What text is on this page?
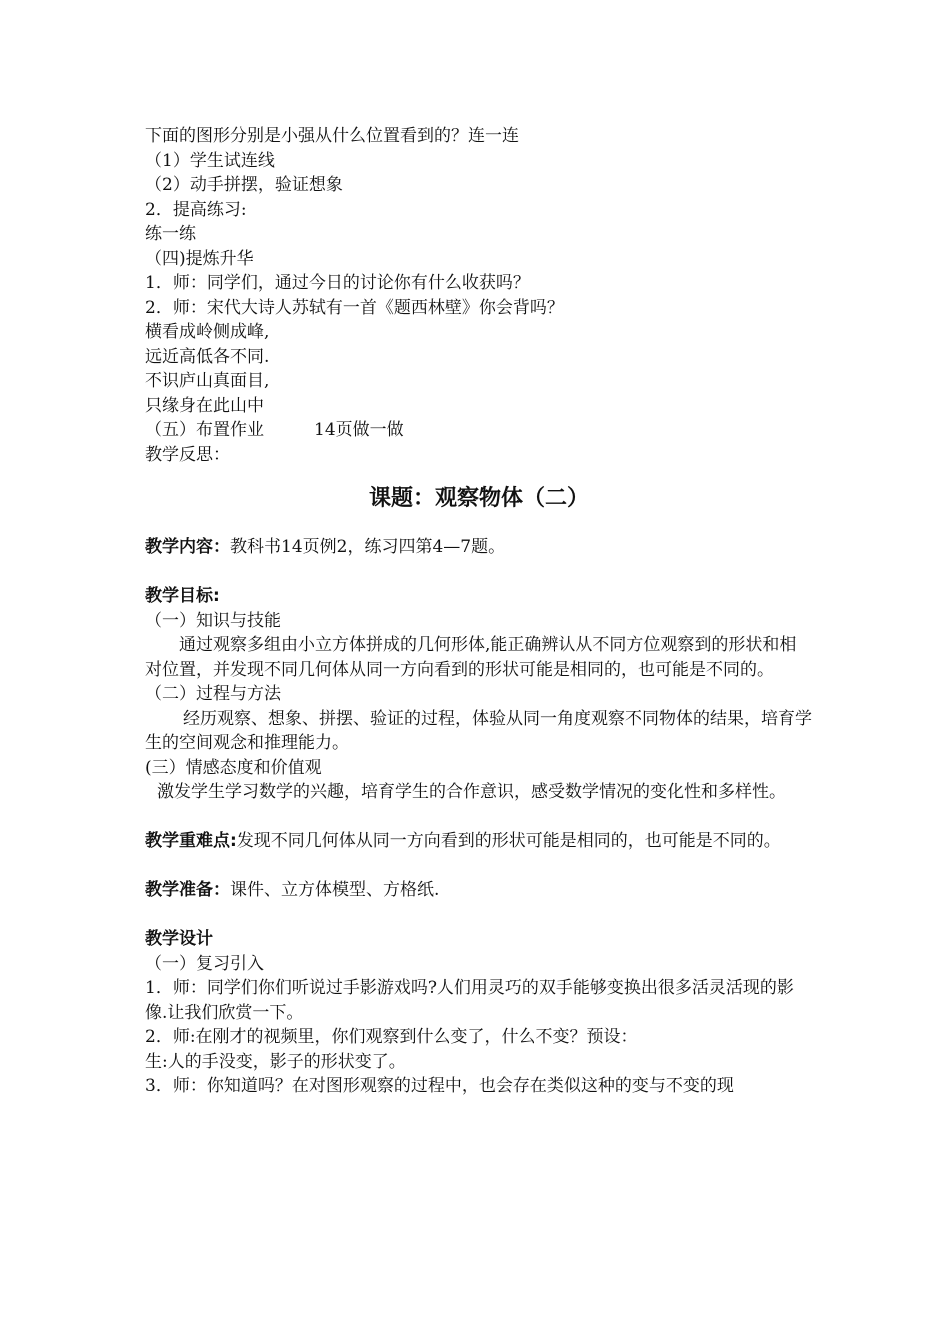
下面的图形分别是小强从什么位置看到的？连一连
（1）学生试连线
（2）动手拼摆，验证想象
2．提高练习:
练一练
（四)提炼升华
1．师：同学们，通过今日的讨论你有什么收获吗？
2．师：宋代大诗人苏轼有一首《题西林壁》你会背吗？
横看成岭侧成峰,
远近高低各不同.
不识庐山真面目,
只缘身在此山中
（五）布置作业	14页做一做
教学反思：
课题：观察物体（二）
教学内容：教科书14页例2，练习四第4—7题。
教学目标:
（一）知识与技能
通过观察多组由小立方体拼成的几何形体,能正确辨认从不同方位观察到的形状和相对位置，并发现不同几何体从同一方向看到的形状可能是相同的，也可能是不同的。
（二）过程与方法
经历观察、想象、拼摆、验证的过程，体验从同一角度观察不同物体的结果，培育学生的空间观念和推理能力。
(三）情感态度和价值观
激发学生学习数学的兴趣，培育学生的合作意识，感受数学情况的变化性和多样性。
教学重难点:发现不同几何体从同一方向看到的形状可能是相同的，也可能是不同的。
教学准备：课件、立方体模型、方格纸.
教学设计
（一）复习引入
1．师：同学们你们听说过手影游戏吗?人们用灵巧的双手能够变换出很多活灵活现的影像.让我们欣赏一下。
2．师:在刚才的视频里，你们观察到什么变了，什么不变？预设：
生:人的手没变，影子的形状变了。
3．师：你知道吗？在对图形观察的过程中，也会存在类似这种的变与不变的现
